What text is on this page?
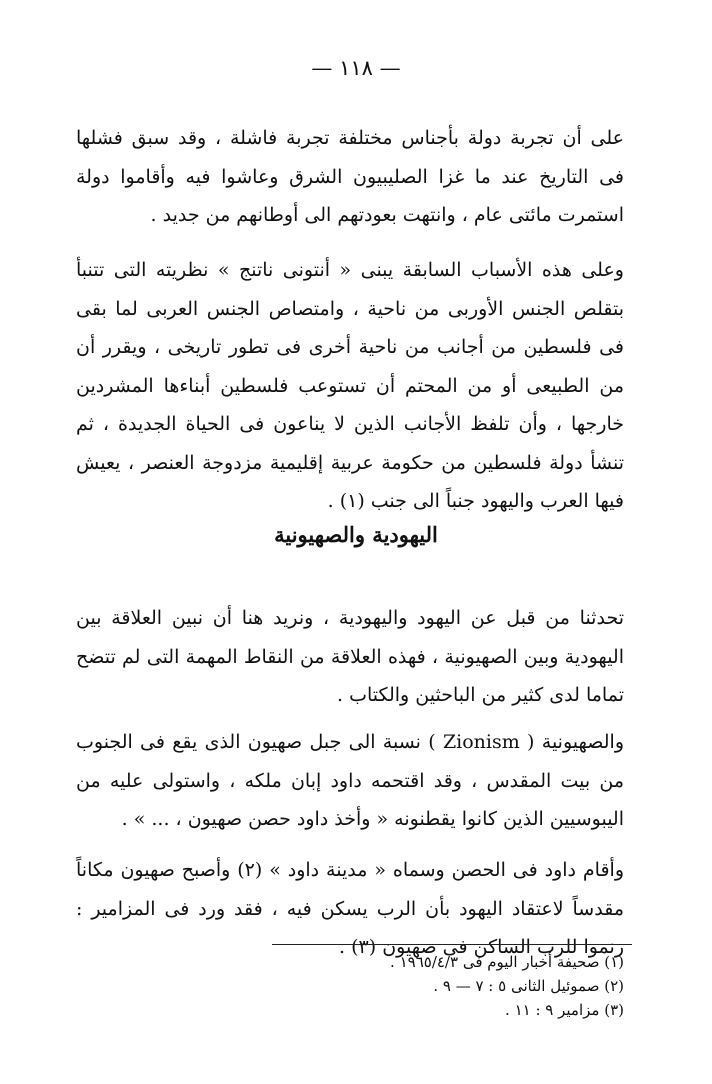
— ١١٨ —

على أن تجربة دولة بأجناس مختلفة تجربة فاشلة ، وقد سبق فشلها فى التاريخ عند ما غزا الصليبيون الشرق وعاشوا فيه وأقاموا دولة استمرت مائتى عام ، وانتهت بعودتهم الى أوطانهم من جديد .

وعلى هذه الأسباب السابقة يبنى « أنتونى ناتنج » نظريته التى تتنبأ بتقلص الجنس الأوربى من ناحية ، وامتصاص الجنس العربى لما بقى فى فلسطين من أجانب من ناحية أخرى فى تطور تاريخى ، ويقرر أن من الطبيعى أو من المحتم أن تستوعب فلسطين أبناءها المشردين خارجها ، وأن تلفظ الأجانب الذين لا يناعون فى الحياة الجديدة ، ثم تنشأ دولة فلسطين من حكومة عربية إقليمية مزدوجة العنصر ، يعيش فيها العرب واليهود جنباً الى جنب (١) .

اليهودية والصهيونية

تحدثنا من قبل عن اليهود واليهودية ، ونريد هنا أن نبين العلاقة بين اليهودية وبين الصهيونية ، فهذه العلاقة من النقاط المهمة التى لم تتضح تماما لدى كثير من الباحثين والكتاب .

والصهيونية ( Zionism ) نسبة الى جبل صهيون الذى يقع فى الجنوب من بيت المقدس ، وقد اقتحمه داود إبان ملكه ، واستولى عليه من اليبوسيين الذين كانوا يقطنونه « وأخذ داود حصن صهيون ، ... » .

وأقام داود فى الحصن وسماه « مدينة داود » (٢) وأصبح صهيون مكاناً مقدساً لاعتقاد اليهود بأن الرب يسكن فيه ، فقد ورد فى المزامير : رنموا للرب الساكن فى صهيون (٣) .

(١) صحيفة أخبار اليوم فى ١٩٦٥/٤/٣ .
(٢) صموئيل الثانى ٥ : ٧ — ٩ .
(٣) مزامير ٩ : ١١ .
